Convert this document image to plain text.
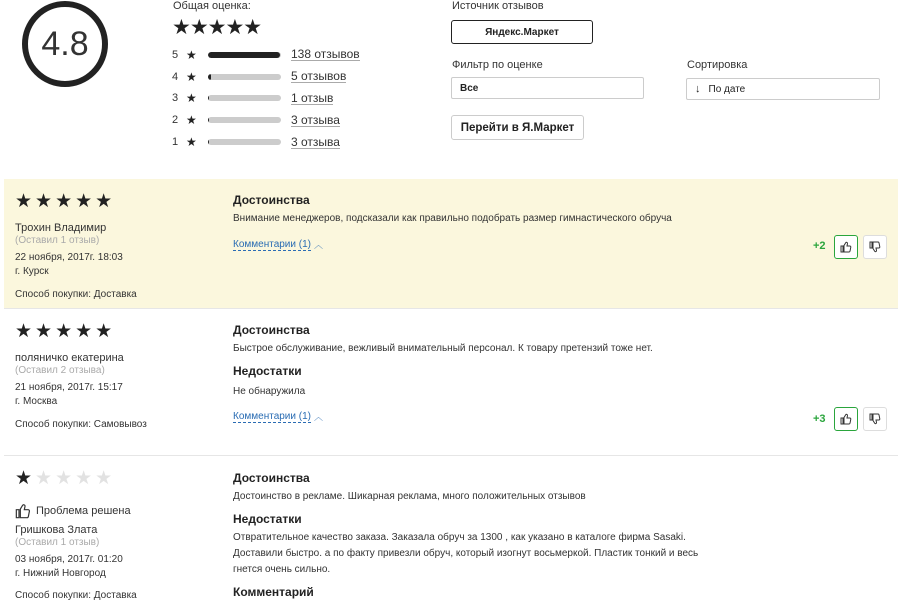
4.8
Общая оценка:
★★★★★
5 ★	138 отзывов
4 ★	5 отзывов
3 ★	1 отзыв
2 ★	3 отзыва
1 ★	3 отзыва
Источник отзывов
Яндекс.Маркет
Фильтр по оценке
Все
Сортировка
↓ По дате
Перейти в Я.Маркет
★★★★★
Трохин Владимир
(Оставил 1 отзыв)
22 ноября, 2017г. 18:03
г. Курск
Способ покупки: Доставка
Достоинства
Внимание менеджеров, подсказали как правильно подобрать размер гимнастического обруча
Комментарии (1) ︿	+2
★★★★★
поляничко екатерина
(Оставил 2 отзыва)
21 ноября, 2017г. 15:17
г. Москва
Способ покупки: Самовывоз
Достоинства
Быстрое обслуживание, вежливый внимательный персонал. К товару претензий тоже нет.
Недостатки
Не обнаружила
Комментарии (1) ︿	+3
★★★★★
Проблема решена
Гришкова Злата
(Оставил 1 отзыв)
03 ноября, 2017г. 01:20
г. Нижний Новгород
Способ покупки: Доставка
Достоинства
Достоинство в рекламе. Шикарная реклама, много положительных отзывов
Недостатки
Отвратительное качество заказа. Заказала обруч за 1300 , как указано в каталоге фирма Sasaki.
Доставили быстро. а по факту привезли обруч, который изогнут восьмеркой. Пластик тонкий и весь
гнется очень сильно.
Комментарий
